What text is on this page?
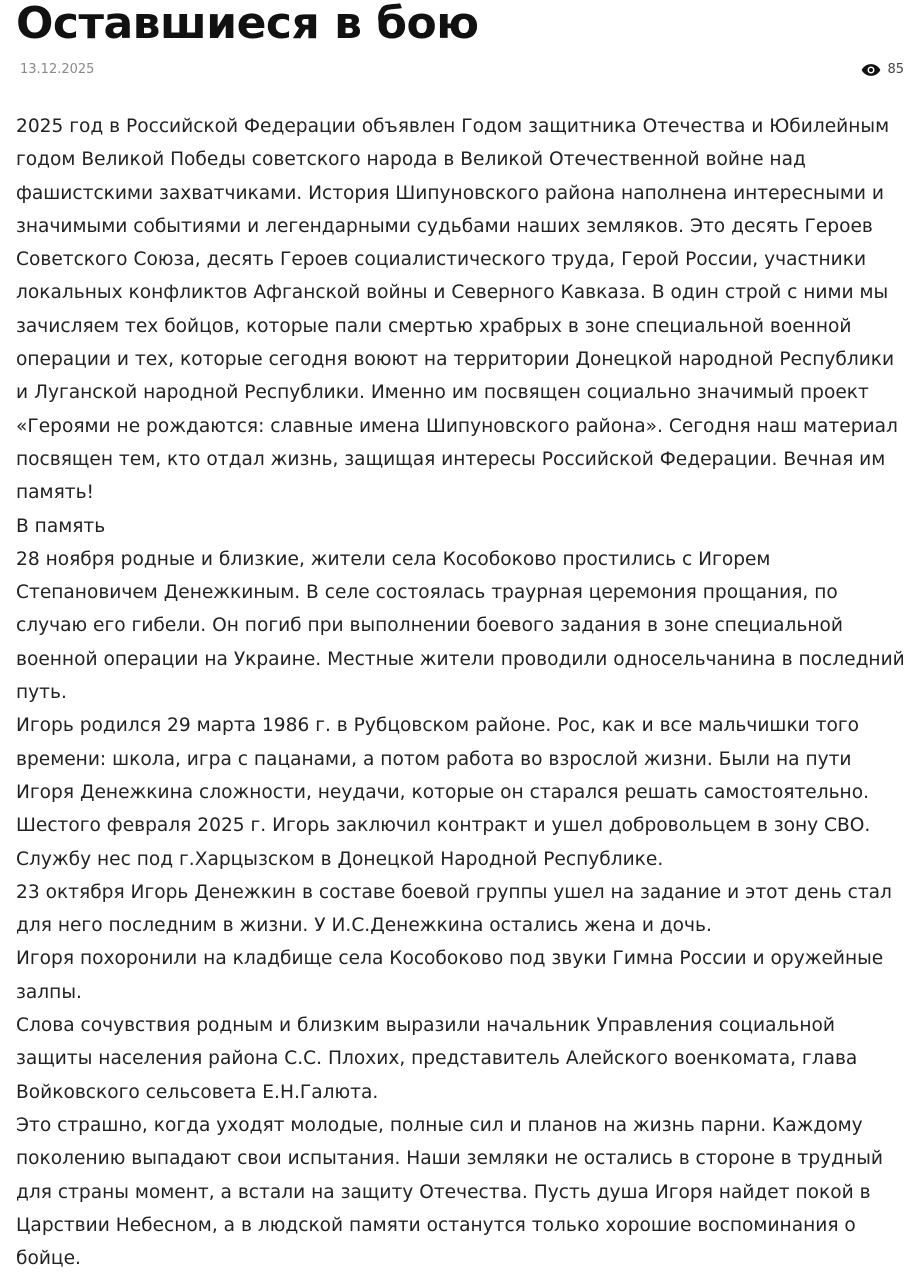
Оставшиеся в бою
13.12.2025	85

2025 год в Российской Федерации объявлен Годом защитника Отечества и Юбилейным годом Великой Победы советского народа в Великой Отечественной войне над фашистскими захватчиками. История Шипуновского района наполнена интересными и значимыми событиями и легендарными судьбами наших земляков. Это десять Героев Советского Союза, десять Героев социалистического труда, Герой России, участники локальных конфликтов Афганской войны и Северного Кавказа. В один строй с ними мы зачисляем тех бойцов, которые пали смертью храбрых в зоне специальной военной операции и тех, которые сегодня воюют на территории Донецкой народной Республики и Луганской народной Республики. Именно им посвящен социально значимый проект «Героями не рождаются: славные имена Шипуновского района». Сегодня наш материал посвящен тем, кто отдал жизнь, защищая интересы Российской Федерации. Вечная им память!

В память

28 ноября родные и близкие, жители села Кособоково простились с Игорем Степановичем Денежкиным. В селе состоялась траурная церемония прощания, по случаю его гибели. Он погиб при выполнении боевого задания в зоне специальной военной операции на Украине. Местные жители проводили односельчанина в последний путь.

Игорь родился 29 марта 1986 г. в Рубцовском районе. Рос, как и все мальчишки того времени: школа, игра с пацанами, а потом работа во взрослой жизни. Были на пути Игоря Денежкина сложности, неудачи, которые он старался решать самостоятельно. Шестого февраля 2025 г. Игорь заключил контракт и ушел добровольцем в зону СВО. Службу нес под г.Харцызском в Донецкой Народной Республике.

23 октября Игорь Денежкин в составе боевой группы ушел на задание и этот день стал для него последним в жизни. У И.С.Денежкина остались жена и дочь.

Игоря похоронили на кладбище села Кособоково под звуки Гимна России и оружейные залпы.

Слова сочувствия родным и близким выразили начальник Управления социальной защиты населения района С.С. Плохих, представитель Алейского военкомата, глава Войковского сельсовета Е.Н.Галюта.

Это страшно, когда уходят молодые, полные сил и планов на жизнь парни. Каждому поколению выпадают свои испытания. Наши земляки не остались в стороне в трудный для страны момент, а встали на защиту Отечества. Пусть душа Игоря найдет покой в Царствии Небесном, а в людской памяти останутся только хорошие воспоминания о бойце.
